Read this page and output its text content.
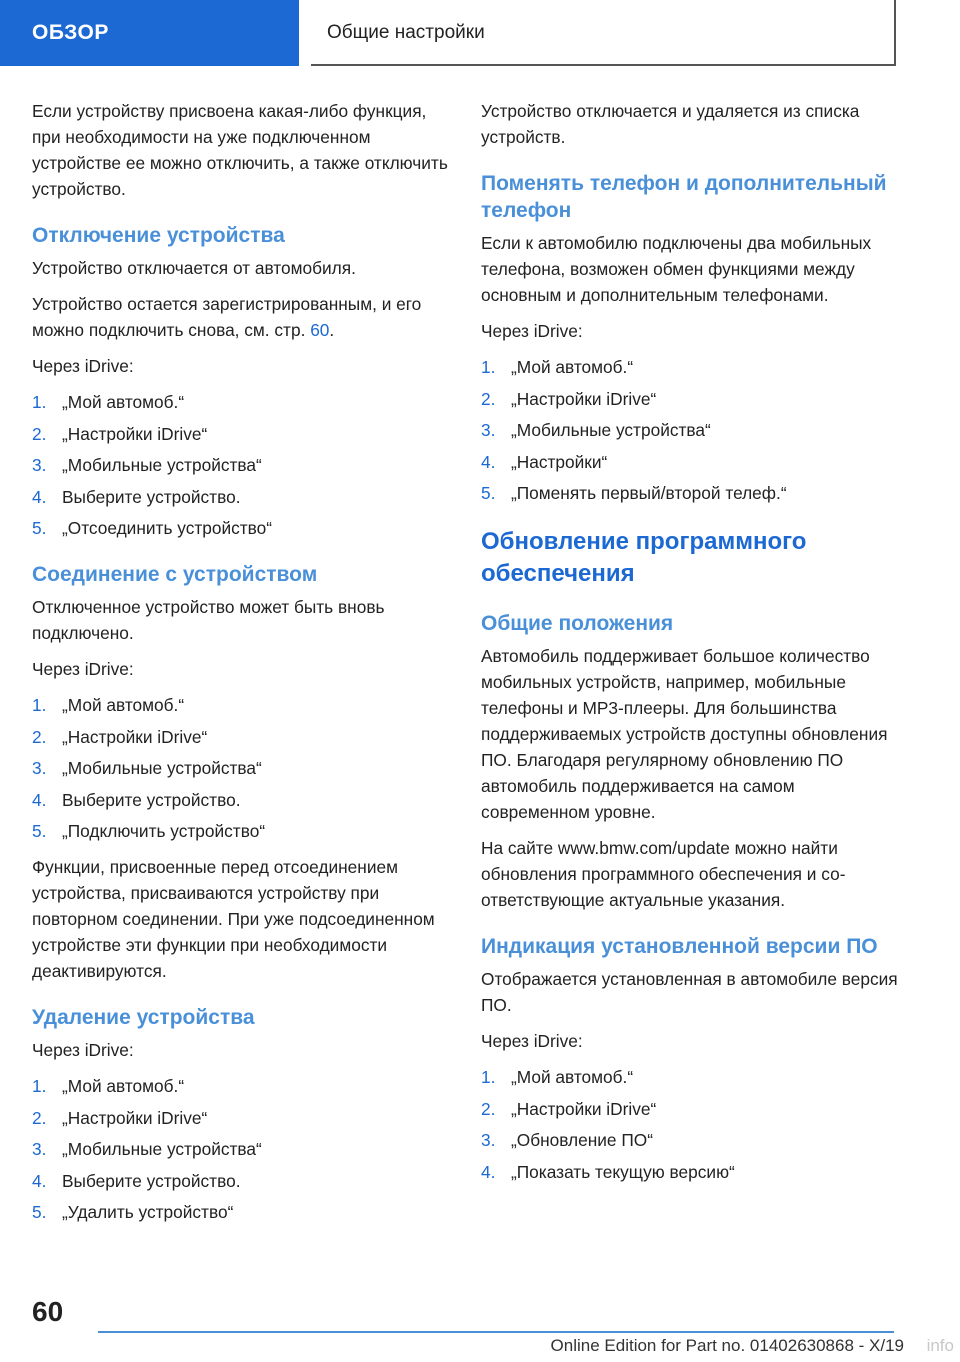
ОБЗОР	Общие настройки

Если устройству присвоена какая-либо функция, при необходимости на уже подключенном устройстве ее можно отключить, а также отключить устройство.

Отключение устройства

Устройство отключается от автомобиля.

Устройство остается зарегистрированным, и его можно подключить снова, см. стр. 60.

Через iDrive:

1. „Мой автомоб.“
2. „Настройки iDrive“
3. „Мобильные устройства“
4. Выберите устройство.
5. „Отсоединить устройство“
Соединение с устройством

Отключенное устройство может быть вновь подключено.

Через iDrive:

1. „Мой автомоб.“
2. „Настройки iDrive“
3. „Мобильные устройства“
4. Выберите устройство.
5. „Подключить устройство“

Функции, присвоенные перед отсоединением устройства, присваиваются устройству при повторном соединении. При уже подсоединенном устройстве эти функции при необходимости деактивируются.

Удаление устройства

Через iDrive:

1. „Мой автомоб.“
2. „Настройки iDrive“
3. „Мобильные устройства“
4. Выберите устройство.
5. „Удалить устройство“

Устройство отключается и удаляется из списка устройств.

Поменять телефон и дополнительный телефон

Если к автомобилю подключены два мобильных телефона, возможен обмен функциями между основным и дополнительным телефонами.

Через iDrive:

1. „Мой автомоб.“
2. „Настройки iDrive“
3. „Мобильные устройства“
4. „Настройки“
5. „Поменять первый/второй телеф.“
Обновление программного обеспечения
Общие положения

Автомобиль поддерживает большое количество мобильных устройств, например, мобильные телефоны и MP3-плееры. Для большинства поддерживаемых устройств доступны обновления ПО. Благодаря регулярному обновлению ПО автомобиль поддерживается на самом современном уровне.

На сайте www.bmw.com/update можно найти обновления программного обеспечения и соответствующие актуальные указания.

Индикация установленной версии ПО

Отображается установленная в автомобиле версия ПО.

Через iDrive:

1. „Мой автомоб.“
2. „Настройки iDrive“
3. „Обновление ПО“
4. „Показать текущую версию“
60
Online Edition for Part no. 01402630868 - X/19 info
